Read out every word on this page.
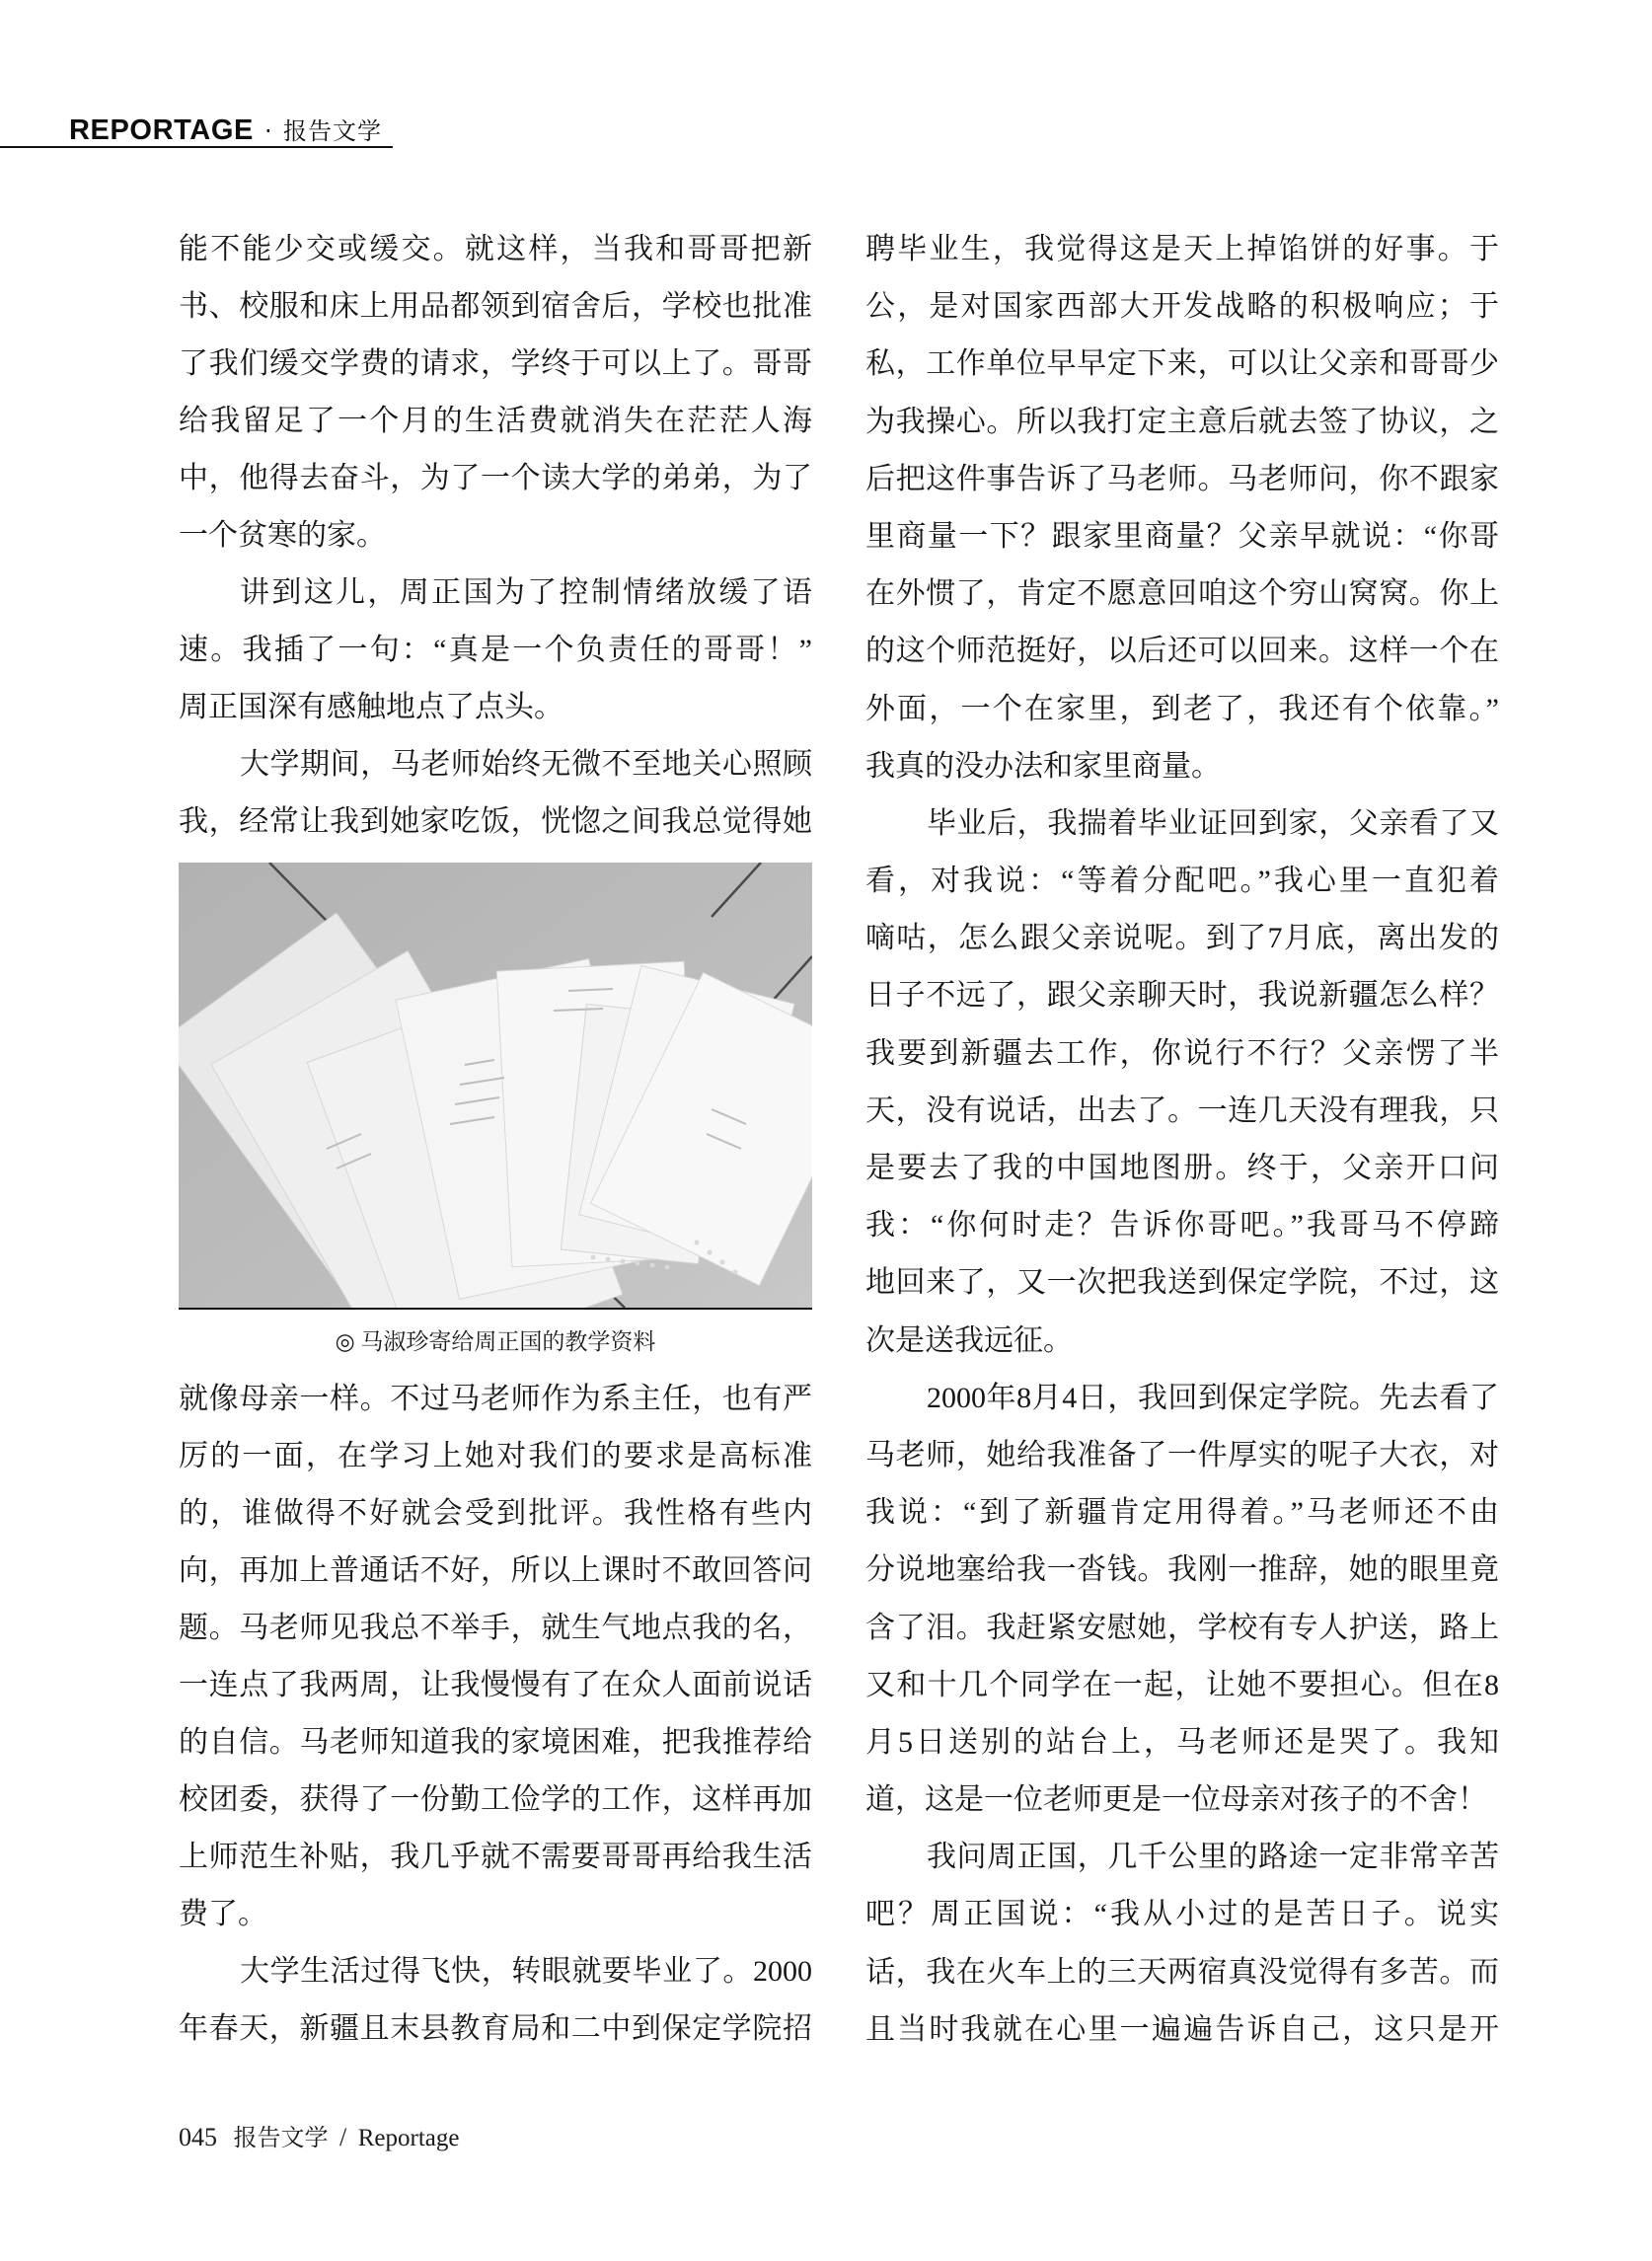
REPORTAGE · 报告文学
能不能少交或缓交。就这样，当我和哥哥把新
书、校服和床上用品都领到宿舍后，学校也批准
了我们缓交学费的请求，学终于可以上了。哥哥
给我留足了一个月的生活费就消失在茫茫人海
中，他得去奋斗，为了一个读大学的弟弟，为了
一个贫寒的家。
讲到这儿，周正国为了控制情绪放缓了语
速。我插了一句：“真是一个负责任的哥哥！”
周正国深有感触地点了点头。
大学期间，马老师始终无微不至地关心照顾
我，经常让我到她家吃饭，恍惚之间我总觉得她
就像母亲一样。不过马老师作为系主任，也有严
厉的一面，在学习上她对我们的要求是高标准
的，谁做得不好就会受到批评。我性格有些内
向，再加上普通话不好，所以上课时不敢回答问
题。马老师见我总不举手，就生气地点我的名，
一连点了我两周，让我慢慢有了在众人面前说话
的自信。马老师知道我的家境困难，把我推荐给
校团委，获得了一份勤工俭学的工作，这样再加
上师范生补贴，我几乎就不需要哥哥再给我生活
费了。
大学生活过得飞快，转眼就要毕业了。2000
年春天，新疆且末县教育局和二中到保定学院招
聘毕业生，我觉得这是天上掉馅饼的好事。于
公，是对国家西部大开发战略的积极响应；于
私，工作单位早早定下来，可以让父亲和哥哥少
为我操心。所以我打定主意后就去签了协议，之
后把这件事告诉了马老师。马老师问，你不跟家
里商量一下？跟家里商量？父亲早就说：“你哥
在外惯了，肯定不愿意回咱这个穷山窝窝。你上
的这个师范挺好，以后还可以回来。这样一个在
外面，一个在家里，到老了，我还有个依靠。”
我真的没办法和家里商量。
毕业后，我揣着毕业证回到家，父亲看了又
看，对我说：“等着分配吧。”我心里一直犯着
嘀咕，怎么跟父亲说呢。到了7月底，离出发的
日子不远了，跟父亲聊天时，我说新疆怎么样？
我要到新疆去工作，你说行不行？父亲愣了半
天，没有说话，出去了。一连几天没有理我，只
是要去了我的中国地图册。终于，父亲开口问
我：“你何时走？告诉你哥吧。”我哥马不停蹄
地回来了，又一次把我送到保定学院，不过，这
次是送我远征。
2000年8月4日，我回到保定学院。先去看了
马老师，她给我准备了一件厚实的呢子大衣，对
我说：“到了新疆肯定用得着。”马老师还不由
分说地塞给我一沓钱。我刚一推辞，她的眼里竟
含了泪。我赶紧安慰她，学校有专人护送，路上
又和十几个同学在一起，让她不要担心。但在8
月5日送别的站台上，马老师还是哭了。我知
道，这是一位老师更是一位母亲对孩子的不舍！
我问周正国，几千公里的路途一定非常辛苦
吧？周正国说：“我从小过的是苦日子。说实
话，我在火车上的三天两宿真没觉得有多苦。而
且当时我就在心里一遍遍告诉自己，这只是开
◎ 马淑珍寄给周正国的教学资料
045 报告文学 / Reportage
